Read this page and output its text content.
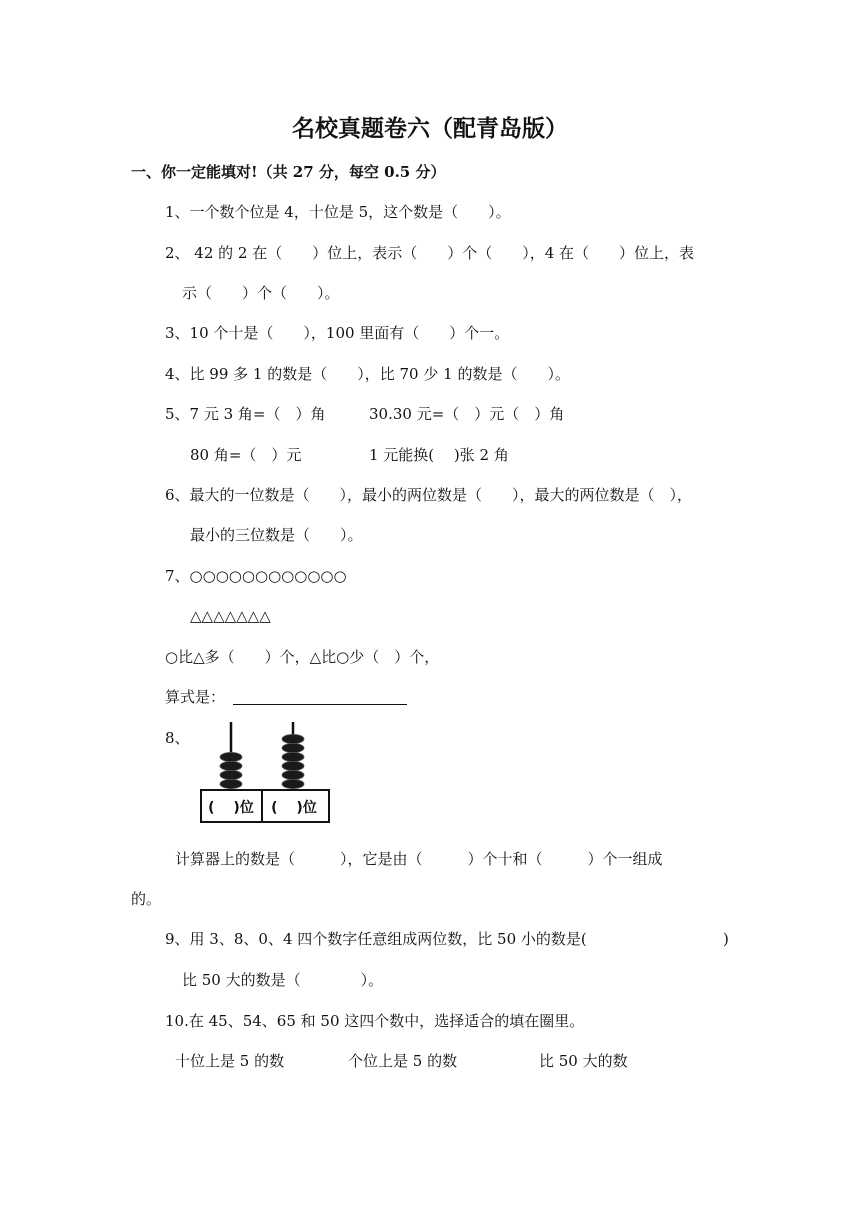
名校真题卷六（配青岛版）
一、你一定能填对!（共 27 分，每空 0.5 分）
1、一个数个位是 4，十位是 5，这个数是（　　）。
2、 42 的 2 在（　　）位上，表示（　　）个（　　），4 在（　　）位上，表
示（　　）个（　　）。
3、10 个十是（　　），100 里面有（　　）个一。
4、比 99 多 1 的数是（　　），比 70 少 1 的数是（　　）。
5、7 元 3 角=（　）角	30.30 元=（　）元（　）角
80 角=（　）元	1 元能换(　 )张 2 角
6、最大的一位数是（　　），最小的两位数是（　　），最大的两位数是（　），
最小的三位数是（　　）。
7、○○○○○○○○○○○○
△△△△△△△
○比△多（　　）个，△比○少（　）个，
算式是：
8、
(　 )位 (　 )位
计算器上的数是（　　　），它是由（　　　）个十和（　　　）个一组成
的。
9、用 3、8、0、4 四个数字任意组成两位数，比 50 小的数是(	)
比 50 大的数是（　　　　）。
10.在 45、54、65 和 50 这四个数中，选择适合的填在圈里。
十位上是 5 的数	个位上是 5 的数	比 50 大的数
